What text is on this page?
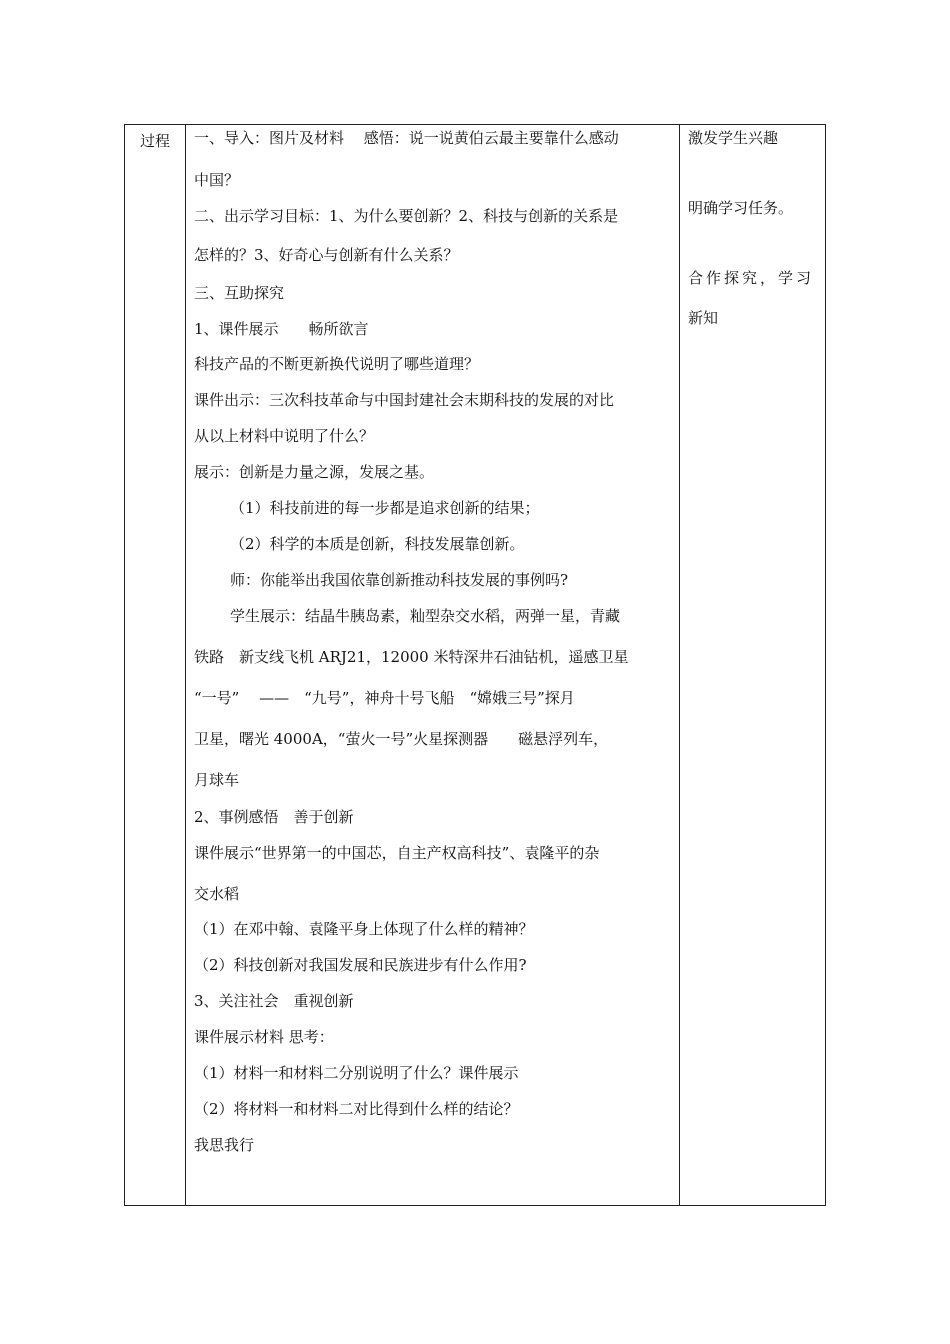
过程	一、导入：图片及材料　 感悟：说一说黄伯云最主要靠什么感动
中国？
二、出示学习目标：1、为什么要创新？2、科技与创新的关系是
怎样的？3、好奇心与创新有什么关系？
三、互助探究
1、课件展示　　畅所欲言
科技产品的不断更新换代说明了哪些道理？
课件出示：三次科技革命与中国封建社会末期科技的发展的对比
从以上材料中说明了什么？
展示：创新是力量之源，发展之基。
（1）科技前进的每一步都是追求创新的结果；
（2）科学的本质是创新，科技发展靠创新。
师：你能举出我国依靠创新推动科技发展的事例吗?
学生展示：结晶牛胰岛素，籼型杂交水稻，两弹一星，青藏
铁路　新支线飞机 ARJ21，12000 米特深井石油钻机，遥感卫星
“一号”　 ——　“九号”，神舟十号飞船　“嫦娥三号”探月
卫星，曙光 4000A，“萤火一号”火星探测器　　磁悬浮列车，
月球车
2、事例感悟　善于创新
课件展示“世界第一的中国芯，自主产权高科技”、袁隆平的杂
交水稻
（1）在邓中翰、袁隆平身上体现了什么样的精神？
（2）科技创新对我国发展和民族进步有什么作用?
3、关注社会　重视创新
课件展示材料 思考：
（1）材料一和材料二分别说明了什么？课件展示
（2）将材料一和材料二对比得到什么样的结论？
我思我行
激发学生兴趣
明确学习任务。
合作探究，学习
新知
